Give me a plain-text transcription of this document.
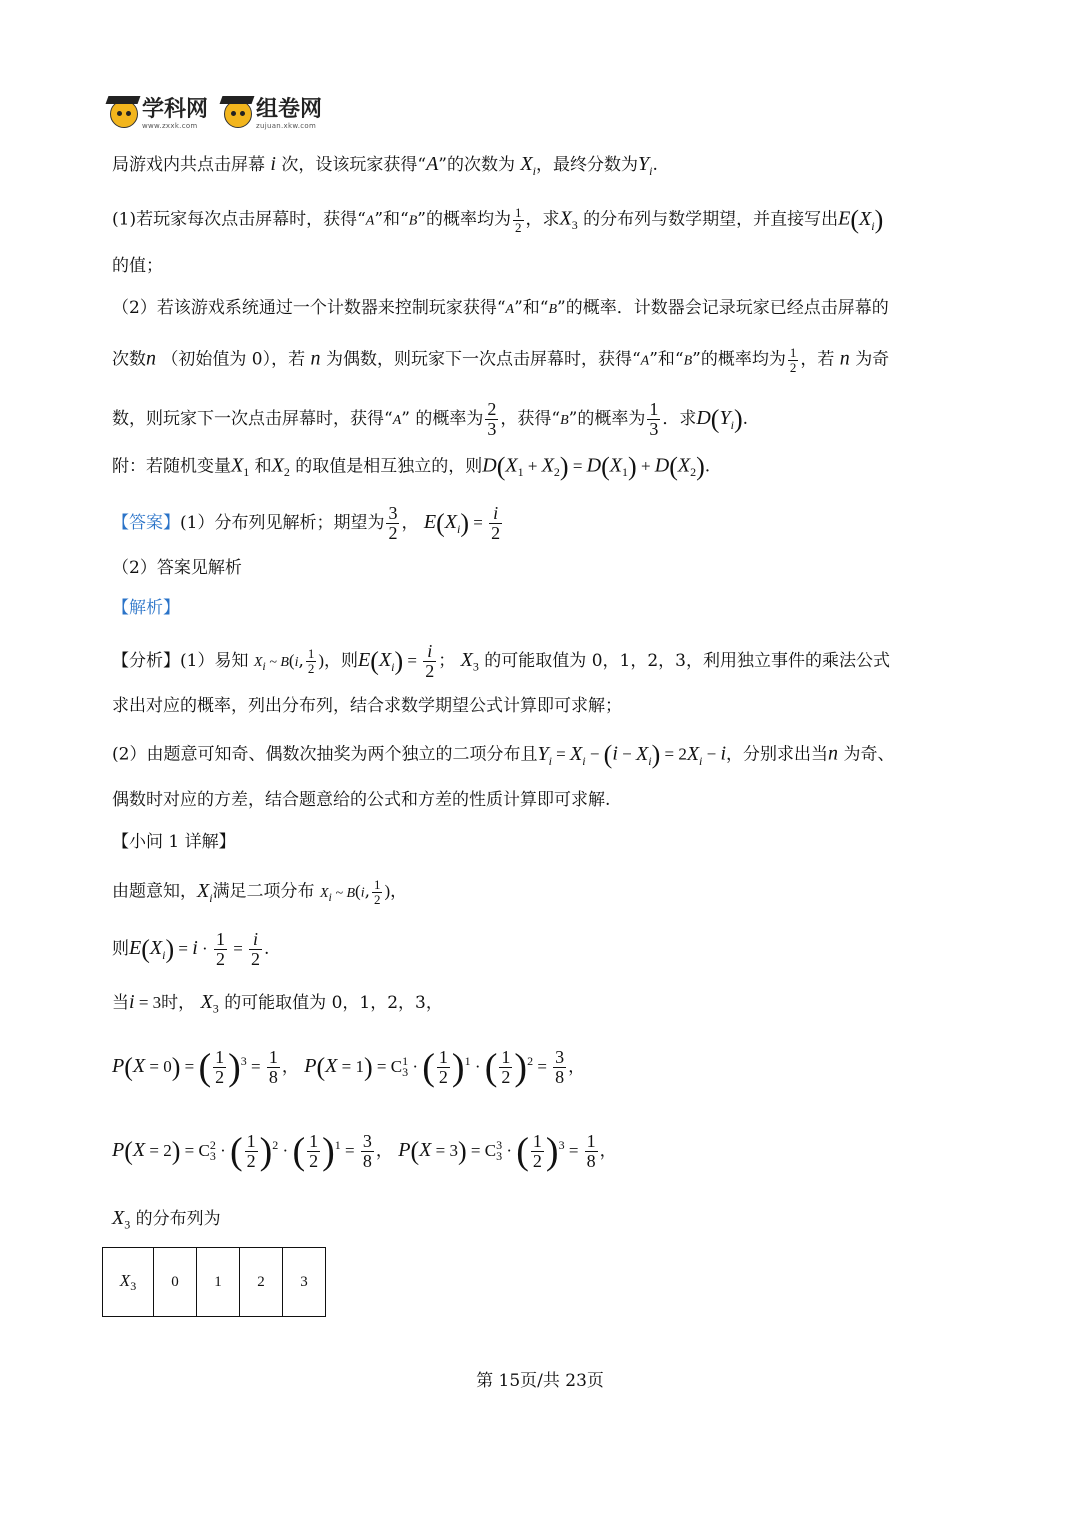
学科网
www.zxxk.com
组卷网
zujuan.xkw.com
局游戏内共点击屏幕 i 次，设该玩家获得“A”的次数为 $X_i$，最终分数为$Y_i$.
(1)若玩家每次点击屏幕时，获得“A”和“B”的概率均为 $\frac{1}{2}$ ，求$X_3$ 的分布列与数学期望，并直接写出$E(X_i)$
的值；
（2）若该游戏系统通过一个计数器来控制玩家获得“A”和“B”的概率．计数器会记录玩家已经点击屏幕的
次数n （初始值为 0），若 n 为偶数，则玩家下一次点击屏幕时，获得“A”和“B”的概率均为 $\frac{1}{2}$ ，若 n 为奇
数，则玩家下一次点击屏幕时，获得“A” 的概率为 $\frac{2}{3}$ ，获得“B”的概率为 $\frac{1}{3}$ ．求$D(Y_i)$.
附：若随机变量$X_1$ 和$X_2$ 的取值是相互独立的，则$D(X_1 + X_2) = D(X_1) + D(X_2)$.
【答案】(1）分布列见解析；期望为 $\frac{3}{2}$ ， $E(X_i) = \frac{i}{2}$
（2）答案见解析
【解析】
【分析】(1）易知 $X_i$ ~ B(i, $\frac{1}{2}$ )，则$E(X_i) = \frac{i}{2}$ ； $X_3$ 的可能取值为 0，1，2，3，利用独立事件的乘法公式
求出对应的概率，列出分布列，结合求数学期望公式计算即可求解；
(2）由题意可知奇、偶数次抽奖为两个独立的二项分布且$Y_i = X_i - (i - X_i) = 2X_i - i$，分别求出当n 为奇、
偶数时对应的方差，结合题意给的公式和方差的性质计算即可求解.
【小问 1 详解】
由题意知，$X_i$满足二项分布 $X_i$ ~ B(i, $\frac{1}{2}$ )，
则$E(X_i) = i \cdot \frac{1}{2} = \frac{i}{2}$ .
当i = 3时， $X_3$ 的可能取值为 0，1，2，3，
P(X = 0) = ( $\frac{1}{2} )^3 = \frac{1}{8}$ ， $P(X = 1) = C_3^1$ · ( $\frac{1}{2} )^1$ · ( $\frac{1}{2} )^2 = \frac{3}{8}$ ，
$P(X = 2) = C_3^2$ · ( $\frac{1}{2} )^2$ · ( $\frac{1}{2} )^1 = \frac{3}{8}$ ， $P(X = 3) = C_3^3$ · ( $\frac{1}{2} )^3 = \frac{1}{8}$ ，
$X_3$ 的分布列为
$X_3$	0	1	2	3
第 15页/共 23页
